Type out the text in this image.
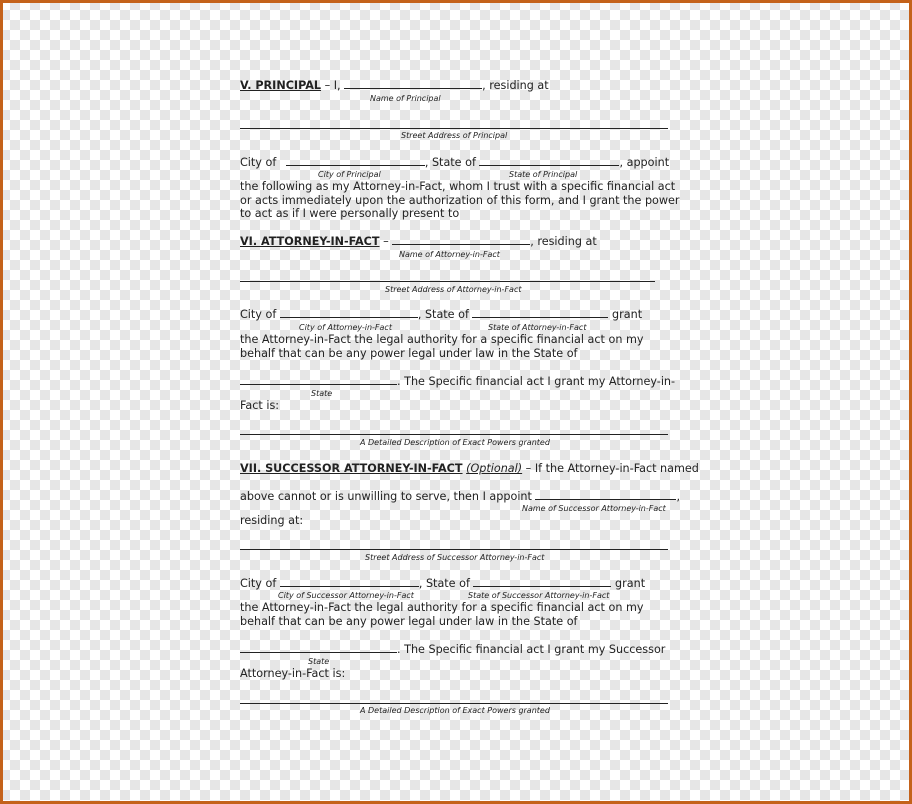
V. PRINCIPAL – I,	, residing at
Name of Principal
Street Address of Principal
City of	, State of	, appoint
City of Principal	State of Principal
the following as my Attorney-in-Fact, whom I trust with a specific financial act
or acts immediately upon the authorization of this form, and I grant the power
to act as if I were personally present to
VI. ATTORNEY-IN-FACT –	, residing at
Name of Attorney-in-Fact
Street Address of Attorney-in-Fact
City of	, State of	grant
City of Attorney-in-Fact	State of Attorney-in-Fact
the Attorney-in-Fact the legal authority for a specific financial act on my
behalf that can be any power legal under law in the State of
. The Specific financial act I grant my Attorney-in-
State
Fact is:
A Detailed Description of Exact Powers granted
VII. SUCCESSOR ATTORNEY-IN-FACT (Optional) – If the Attorney-in-Fact named
above cannot or is unwilling to serve, then I appoint	,
Name of Successor Attorney-in-Fact
residing at:
Street Address of Successor Attorney-in-Fact
City of	, State of	grant
City of Successor Attorney-in-Fact	State of Successor Attorney-in-Fact
the Attorney-in-Fact the legal authority for a specific financial act on my
behalf that can be any power legal under law in the State of
. The Specific financial act I grant my Successor
State
Attorney-in-Fact is:
A Detailed Description of Exact Powers granted
